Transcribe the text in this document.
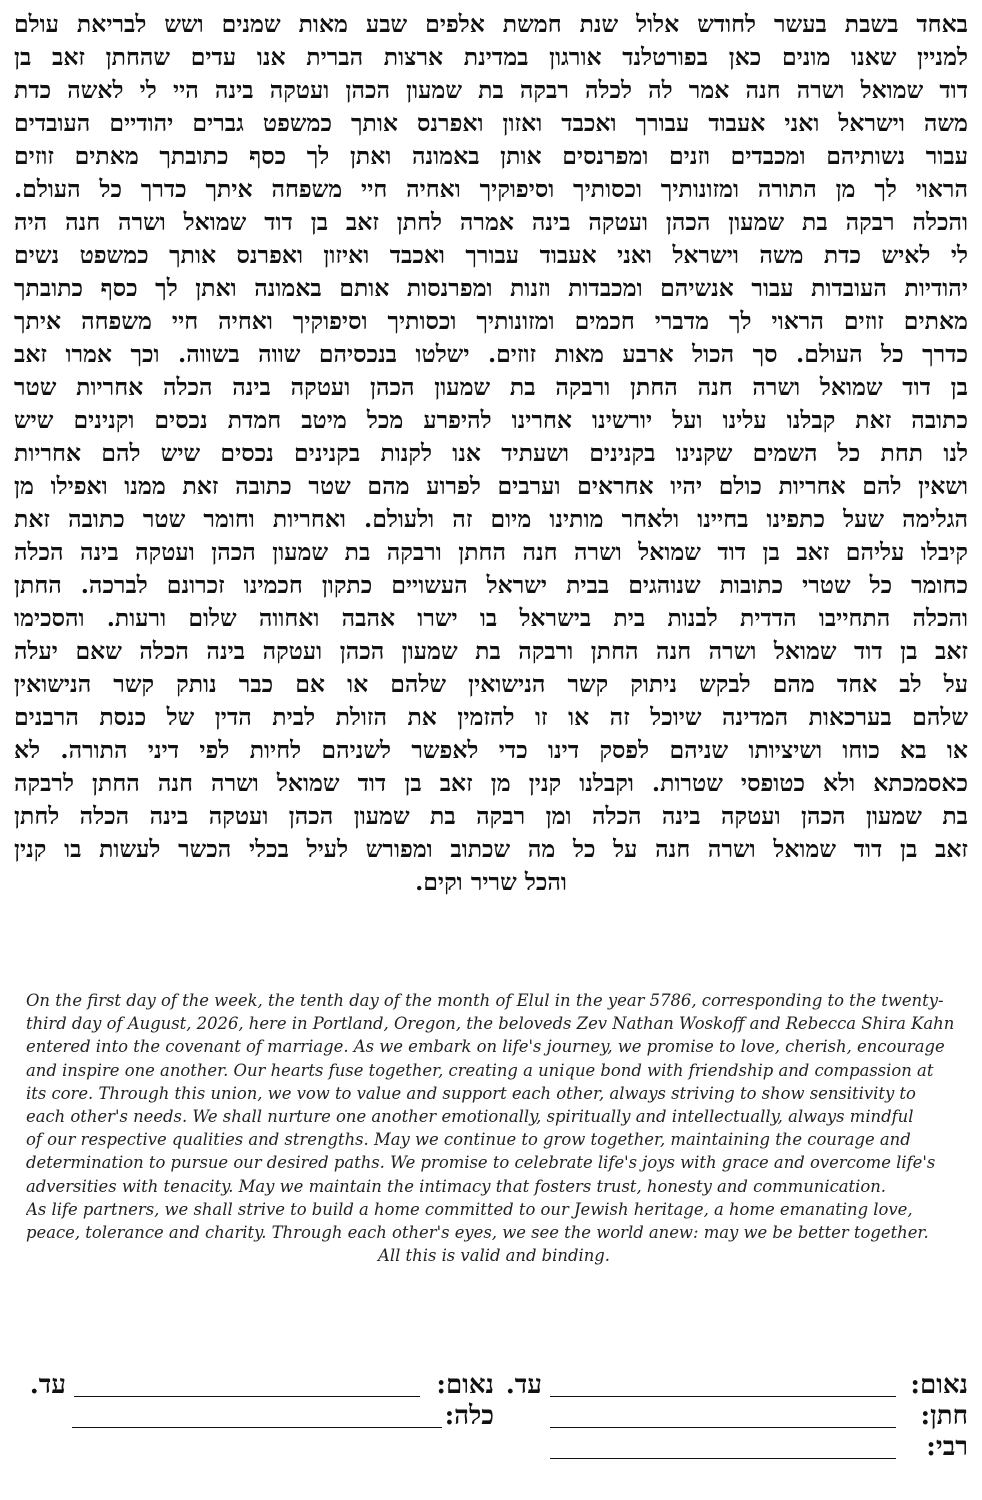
באחד בשבת בעשר לחודש אלול שנת חמשת אלפים שבע מאות שמנים ושש לבריאת עולם
למניין שאנו מונים כאן בפורטלנד אורגון במדינת ארצות הברית אנו עדים שהחתן זאב בן
דוד שמואל ושרה חנה אמר לה לכלה רבקה בת שמעון הכהן ועטקה בינה היי לי לאשה כדת
משה וישראל ואני אעבוד עבורך ואכבד ואזון ואפרנס אותך כמשפט גברים יהודיים העובדים
עבור נשותיהם ומכבדים וזנים ומפרנסים אותן באמונה ואתן לך כסף כתובתך מאתים זוזים
הראוי לך מן התורה ומזונותיך וכסותיך וסיפוקיך ואחיה חיי משפחה איתך כדרך כל העולם.
והכלה רבקה בת שמעון הכהן ועטקה בינה אמרה לחתן זאב בן דוד שמואל ושרה חנה היה
לי לאיש כדת משה וישראל ואני אעבוד עבורך ואכבד ואיזון ואפרנס אותך כמשפט נשים
יהודיות העובדות עבור אנשיהם ומכבדות וזנות ומפרנסות אותם באמונה ואתן לך כסף כתובתך
מאתים זוזים הראוי לך מדברי חכמים ומזונותיך וכסותיך וסיפוקיך ואחיה חיי משפחה איתך
כדרך כל העולם. סך הכול ארבע מאות זוזים. ישלטו בנכסיהם שווה בשווה. וכך אמרו זאב
בן דוד שמואל ושרה חנה החתן ורבקה בת שמעון הכהן ועטקה בינה הכלה אחריות שטר
כתובה זאת קבלנו עלינו ועל יורשינו אחרינו להיפרע מכל מיטב חמדת נכסים וקנינים שיש
לנו תחת כל השמים שקנינו בקנינים ושעתיד אנו לקנות בקנינים נכסים שיש להם אחריות
ושאין להם אחריות כולם יהיו אחראים וערבים לפרוע מהם שטר כתובה זאת ממנו ואפילו מן
הגלימה שעל כתפינו בחיינו ולאחר מותינו מיום זה ולעולם. ואחריות וחומר שטר כתובה זאת
קיבלו עליהם זאב בן דוד שמואל ושרה חנה החתן ורבקה בת שמעון הכהן ועטקה בינה הכלה
כחומר כל שטרי כתובות שנוהגים בבית ישראל העשויים כתקון חכמינו זכרונם לברכה. החתן
והכלה התחייבו הדדית לבנות בית בישראל בו ישרו אהבה ואחווה שלום ורעות. והסכימו
זאב בן דוד שמואל ושרה חנה החתן ורבקה בת שמעון הכהן ועטקה בינה הכלה שאם יעלה
על לב אחד מהם לבקש ניתוק קשר הנישואין שלהם או אם כבר נותק קשר הנישואין
שלהם בערכאות המדינה שיוכל זה או זו להזמין את הזולת לבית הדין של כנסת הרבנים
או בא כוחו ושיציותו שניהם לפסק דינו כדי לאפשר לשניהם לחיות לפי דיני התורה. לא
כאסמכתא ולא כטופסי שטרות. וקבלנו קנין מן זאב בן דוד שמואל ושרה חנה החתן לרבקה
בת שמעון הכהן ועטקה בינה הכלה ומן רבקה בת שמעון הכהן ועטקה בינה הכלה לחתן
זאב בן דוד שמואל ושרה חנה על כל מה שכתוב ומפורש לעיל בכלי הכשר לעשות בו קנין
והכל שריר וקים.
On the first day of the week, the tenth day of the month of Elul in the year 5786, corresponding to the twenty-
third day of August, 2026, here in Portland, Oregon, the beloveds Zev Nathan Woskoff and Rebecca Shira Kahn
entered into the covenant of marriage. As we embark on life's journey, we promise to love, cherish, encourage
and inspire one another. Our hearts fuse together, creating a unique bond with friendship and compassion at
its core. Through this union, we vow to value and support each other, always striving to show sensitivity to
each other's needs. We shall nurture one another emotionally, spiritually and intellectually, always mindful
of our respective qualities and strengths. May we continue to grow together, maintaining the courage and
determination to pursue our desired paths. We promise to celebrate life's joys with grace and overcome life's
adversities with tenacity. May we maintain the intimacy that fosters trust, honesty and communication.
As life partners, we shall strive to build a home committed to our Jewish heritage, a home emanating love,
peace, tolerance and charity. Through each other's eyes, we see the world anew: may we be better together.
All this is valid and binding.
נאום:
עד.
נאום:
עד.
חתן:
כלה:
רבי:
